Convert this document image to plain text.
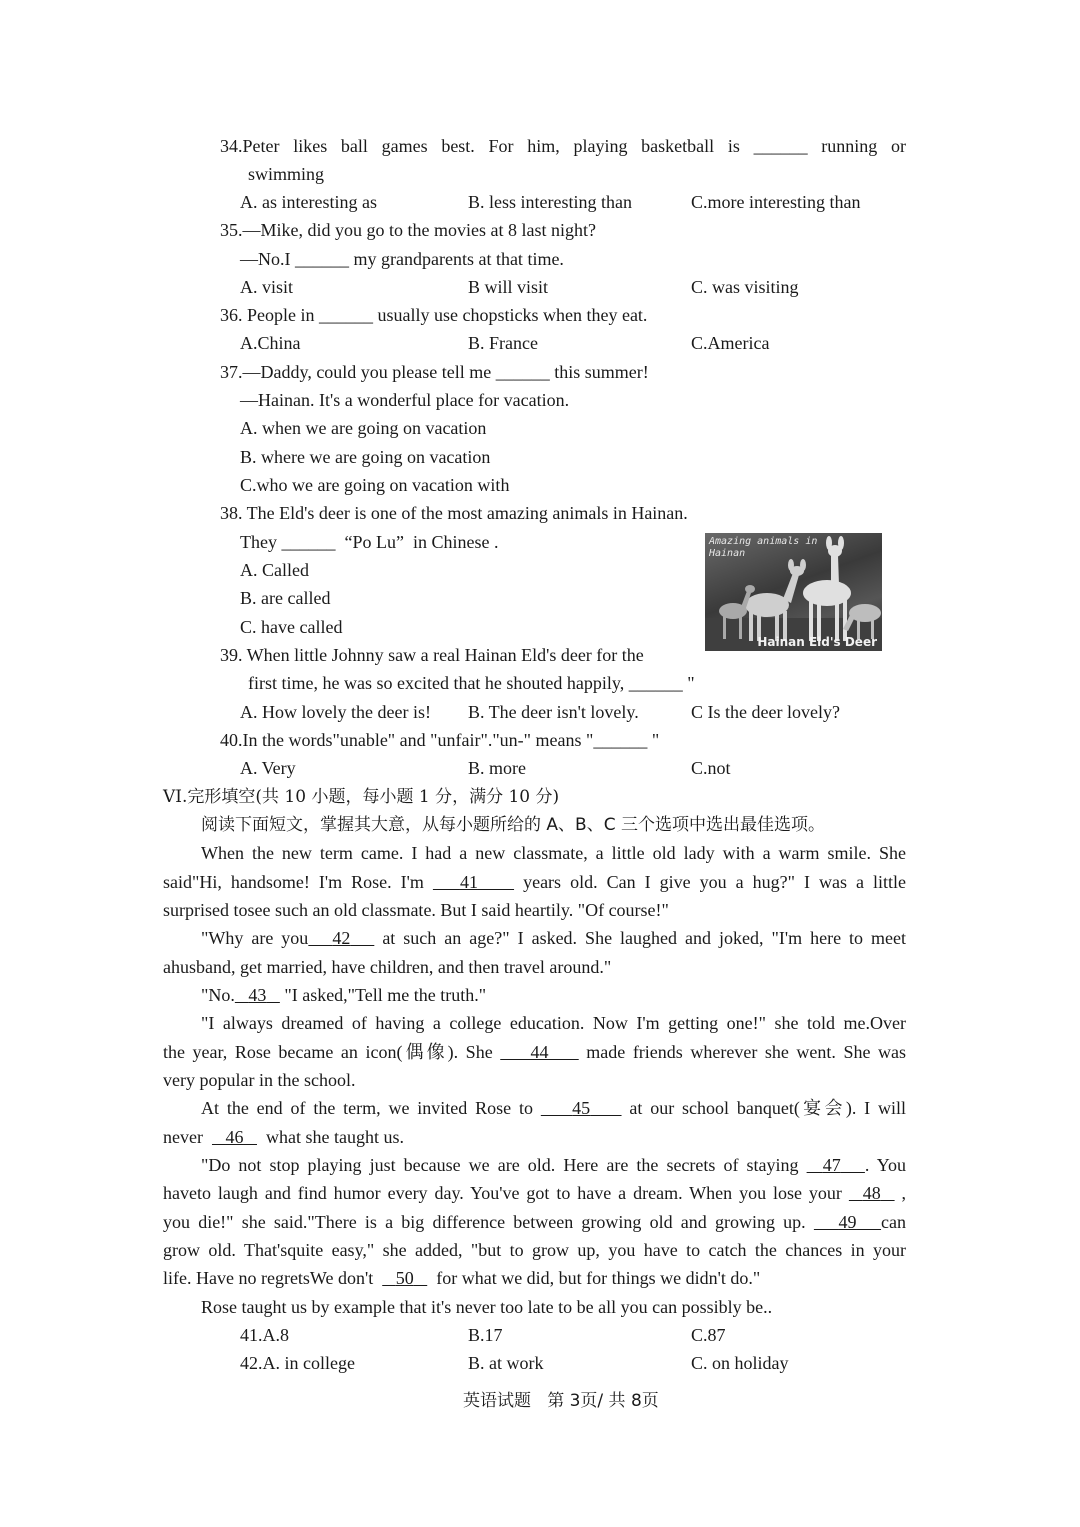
34.Peter likes ball games best. For him, playing basketball is ______ running or
swimming
A. as interesting as	B. less interesting than	C.more interesting than
35.—Mike, did you go to the movies at 8 last night?
—No.I ______ my grandparents at that time.
A. visit	B will visit	C. was visiting
36. People in ______ usually use chopsticks when they eat.
A.China	B. France	C.America
37.—Daddy, could you please tell me ______ this summer!
—Hainan. It's a wonderful place for vacation.
A. when we are going on vacation
B. where we are going on vacation
C.who we are going on vacation with
38. The Eld's deer is one of the most amazing animals in Hainan.
They ______  “Po Lu”  in Chinese .
A. Called
B. are called
C. have called
Amazing animals in
Hainan
Hainan Eld's Deer
39. When little Johnny saw a real Hainan Eld's deer for the
first time, he was so excited that he shouted happily, ______ "
A. How lovely the deer is! B. The deer isn't lovely.	C Is the deer lovely?
40.In the words"unable" and "unfair"."un-" means "______ "
A. Very	B. more	C.not
VI.完形填空(共 10 小题，每小题 1 分，满分 10 分)
阅读下面短文，掌握其大意，从每小题所给的 A、B、C 三个选项中选出最佳选项。
When the new term came. I had a new classmate, a little old lady with a warm smile. She
said"Hi, handsome! I'm Rose. I'm 41	years old. Can I give you a hug?" I was a little
surprised tosee such an old classmate. But I said heartily. "Of course!"
"Why are you 42 at such an age?" I asked. She laughed and joked, "I'm here to meet
ahusband, get married, have children, and then travel around."
"No. 43 "I asked,"Tell me the truth."
"I always dreamed of having a college education. Now I'm getting one!" she told me.Over
the year, Rose became an icon(偶像). She 44 made friends wherever she went. She was
very popular in the school.
At the end of the term, we invited Rose to 45 at our school banquet(宴会). I will
never 46 what she taught us.
"Do not stop playing just because we are old. Here are the secrets of staying 47 . You
haveto laugh and find humor every day. You've got to have a dream. When you lose your 48 ,
you die!" she said."There is a big difference between growing old and growing up. 49 can
grow old. That'squite easy," she added, "but to grow up, you have to catch the chances in your
life. Have no regretsWe don't 50 for what we did, but for things we didn't do."
Rose taught us by example that it's never too late to be all you can possibly be..
41.A.8	B.17	C.87
42.A. in college	B. at work	C. on holiday
英语试题   第 3页/ 共 8页
